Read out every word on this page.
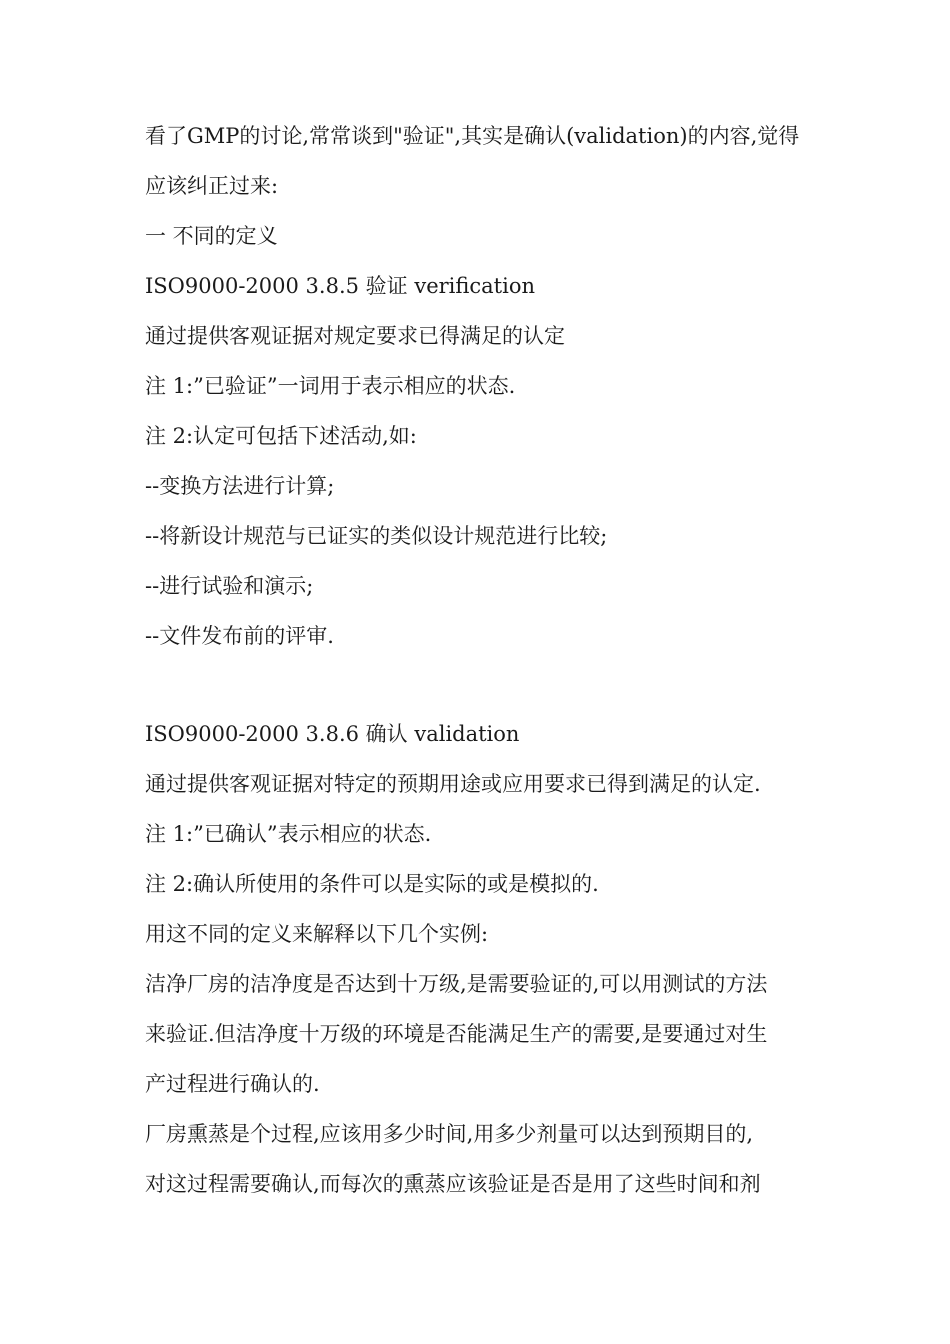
看了GMP的讨论,常常谈到"验证",其实是确认(validation)的内容,觉得
应该纠正过来:
一 不同的定义
ISO9000-2000 3.8.5 验证 verification
通过提供客观证据对规定要求已得满足的认定
注 1:”已验证”一词用于表示相应的状态.
注 2:认定可包括下述活动,如:
--变换方法进行计算;
--将新设计规范与已证实的类似设计规范进行比较;
--进行试验和演示;
--文件发布前的评审.
ISO9000-2000 3.8.6 确认 validation
通过提供客观证据对特定的预期用途或应用要求已得到满足的认定.
注 1:”已确认”表示相应的状态.
注 2:确认所使用的条件可以是实际的或是模拟的.
用这不同的定义来解释以下几个实例:
洁净厂房的洁净度是否达到十万级,是需要验证的,可以用测试的方法
来验证.但洁净度十万级的环境是否能满足生产的需要,是要通过对生
产过程进行确认的.
厂房熏蒸是个过程,应该用多少时间,用多少剂量可以达到预期目的,
对这过程需要确认,而每次的熏蒸应该验证是否是用了这些时间和剂
